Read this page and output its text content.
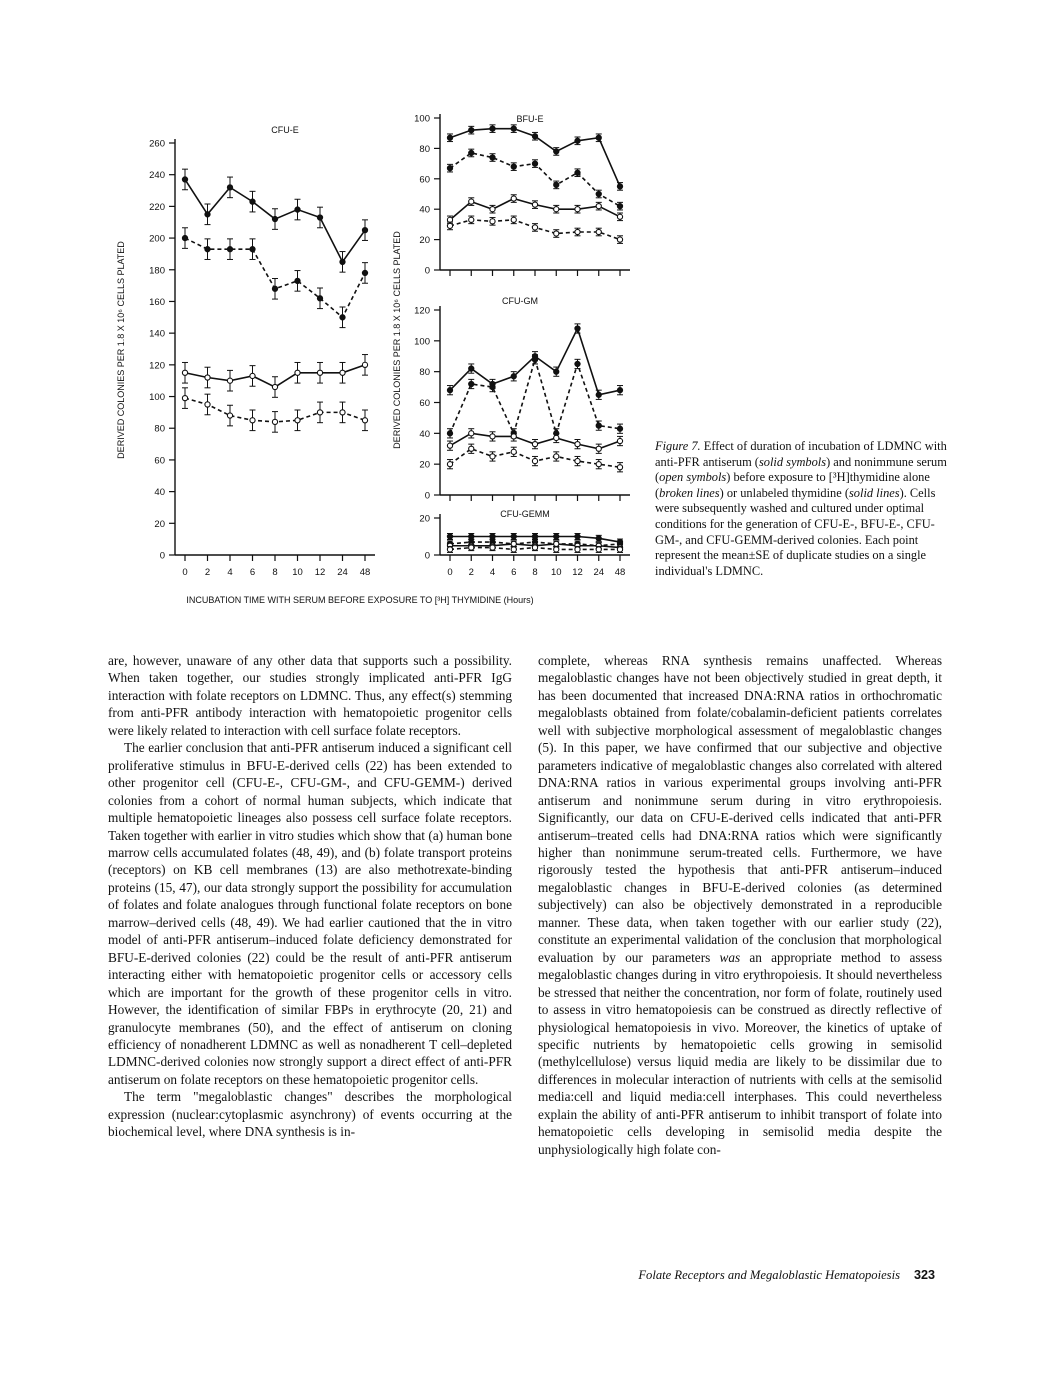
0
20
40
60
80
100
120
140
160
180
200
220
240
260
CFU-E
0
20
40
60
80
100	BFU-E
0
20
40
60
80
100
120
CFU-GM
0
20	CFU-GEMM
0 2 4 6 8 10 12 24 48	0 2 4 6 8 10 12 24 48
DERIVED COLONIES PER 1.8 X 10⁶ CELLS PLATED	DERIVED COLONIES PER 1.8 X 10⁶ CELLS PLATED
INCUBATION TIME WITH SERUM BEFORE EXPOSURE TO [³H] THYMIDINE (Hours)
Figure 7. Effect of duration of incubation of LDMNC with anti-PFR antiserum (solid symbols) and nonimmune serum (open symbols) before exposure to [³H]thymidine alone (broken lines) or unlabeled thymidine (solid lines). Cells were subsequently washed and cultured under optimal conditions for the generation of CFU-E-, BFU-E-, CFU-GM-, and CFU-GEMM-derived colonies. Each point represent the mean±SE of duplicate studies on a single individual's LDMNC.

are, however, unaware of any other data that supports such a possibility. When taken together, our studies strongly implicated anti-PFR IgG interaction with folate receptors on LDMNC. Thus, any effect(s) stemming from anti-PFR antibody interaction with hematopoietic progenitor cells were likely related to interaction with cell surface folate receptors.

The earlier conclusion that anti-PFR antiserum induced a significant cell proliferative stimulus in BFU-E-derived cells (22) has been extended to other progenitor cell (CFU-E-, CFU-GM-, and CFU-GEMM-) derived colonies from a cohort of normal human subjects, which indicate that multiple hematopoietic lineages also possess cell surface folate receptors. Taken together with earlier in vitro studies which show that (a) human bone marrow cells accumulated folates (48, 49), and (b) folate transport proteins (receptors) on KB cell membranes (13) are also methotrexate-binding proteins (15, 47), our data strongly support the possibility for accumulation of folates and folate analogues through functional folate receptors on bone marrow–derived cells (48, 49). We had earlier cautioned that the in vitro model of anti-PFR antiserum–induced folate deficiency demonstrated for BFU-E-derived colonies (22) could be the result of anti-PFR antiserum interacting either with hematopoietic progenitor cells or accessory cells which are important for the growth of these progenitor cells in vitro. However, the identification of similar FBPs in erythrocyte (20, 21) and granulocyte membranes (50), and the effect of antiserum on cloning efficiency of nonadherent LDMNC as well as nonadherent T cell–depleted LDMNC-derived colonies now strongly support a direct effect of anti-PFR antiserum on folate receptors on these hematopoietic progenitor cells.

The term "megaloblastic changes" describes the morphological expression (nuclear:cytoplasmic asynchrony) of events occurring at the biochemical level, where DNA synthesis is in-

complete, whereas RNA synthesis remains unaffected. Whereas megaloblastic changes have not been objectively studied in great depth, it has been documented that increased DNA:RNA ratios in orthochromatic megaloblasts obtained from folate/cobalamin-deficient patients correlates well with subjective morphological assessment of megaloblastic changes (5). In this paper, we have confirmed that our subjective and objective parameters indicative of megaloblastic changes also correlated with altered DNA:RNA ratios in various experimental groups involving anti-PFR antiserum and nonimmune serum during in vitro erythropoiesis. Significantly, our data on CFU-E-derived cells indicated that anti-PFR antiserum–treated cells had DNA:RNA ratios which were significantly higher than nonimmune serum-treated cells. Furthermore, we have rigorously tested the hypothesis that anti-PFR antiserum–induced megaloblastic changes in BFU-E-derived colonies (as determined subjectively) can also be objectively demonstrated in a reproducible manner. These data, when taken together with our earlier study (22), constitute an experimental validation of the conclusion that morphological evaluation by our parameters was an appropriate method to assess megaloblastic changes during in vitro erythropoiesis. It should nevertheless be stressed that neither the concentration, nor form of folate, routinely used to assess in vitro hematopoiesis can be construed as directly reflective of physiological hematopoiesis in vivo. Moreover, the kinetics of uptake of specific nutrients by hematopoietic cells growing in semisolid (methylcellulose) versus liquid media are likely to be dissimilar due to differences in molecular interaction of nutrients with cells at the semisolid media:cell and liquid media:cell interphases. This could nevertheless explain the ability of anti-PFR antiserum to inhibit transport of folate into hematopoietic cells developing in semisolid media despite the unphysiologically high folate con-

Folate Receptors and Megaloblastic Hematopoiesis 323
